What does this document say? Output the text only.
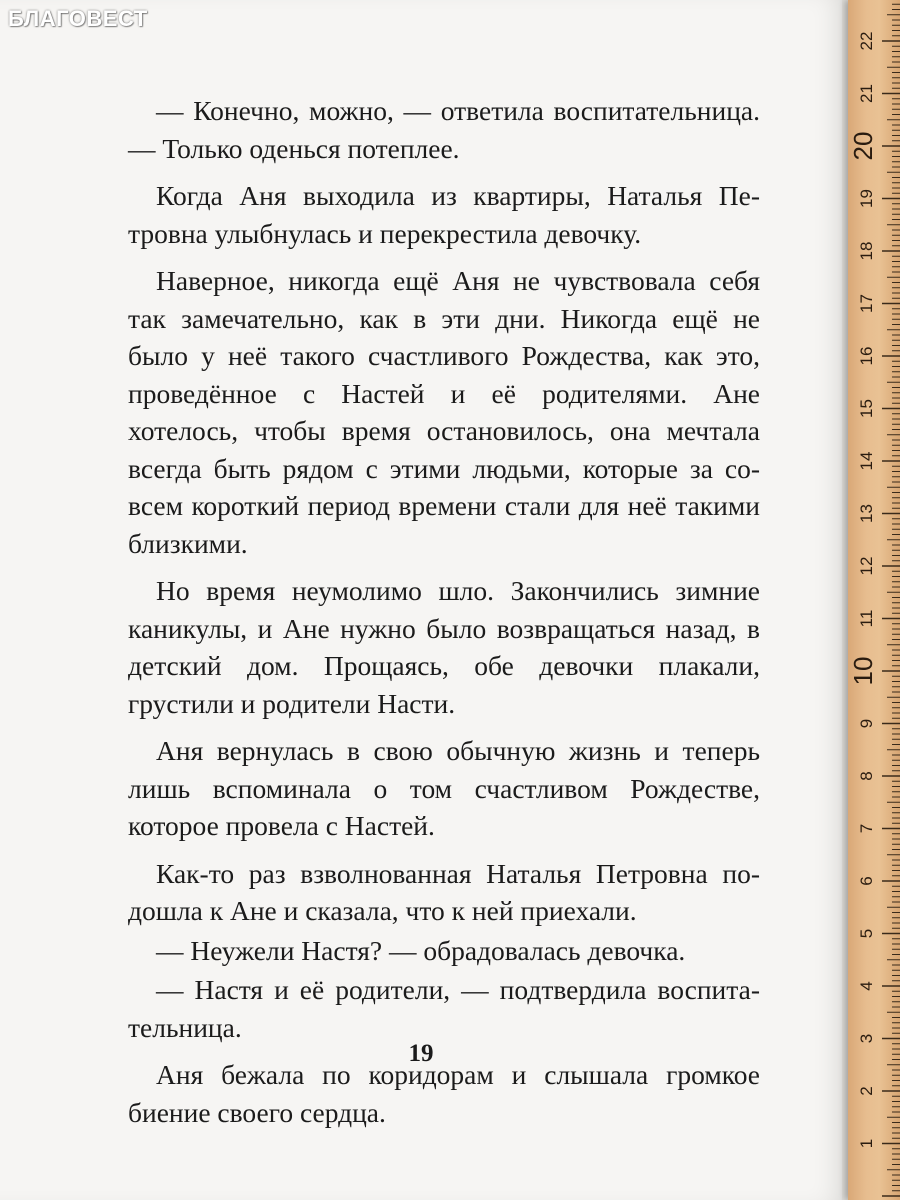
— Конечно, можно, — ответила воспитательница. — Только оденься потеплее.

Когда Аня выходила из квартиры, Наталья Петровна улыбнулась и перекрестила девочку.

Наверное, никогда ещё Аня не чувствовала себя так замечательно, как в эти дни. Никогда ещё не было у неё такого счастливого Рождества, как это, проведённое с Настей и её родителями. Ане хотелось, чтобы время остановилось, она мечтала всегда быть рядом с этими людьми, которые за совсем короткий период времени стали для неё такими близкими.

Но время неумолимо шло. Закончились зимние каникулы, и Ане нужно было возвращаться назад, в детский дом. Прощаясь, обе девочки плакали, грустили и родители Насти.

Аня вернулась в свою обычную жизнь и теперь лишь вспоминала о том счастливом Рождестве, которое провела с Настей.

Как-то раз взволнованная Наталья Петровна подошла к Ане и сказала, что к ней приехали.

— Неужели Настя? — обрадовалась девочка.

— Настя и её родители, — подтвердила воспитательница.

Аня бежала по коридорам и слышала громкое биение своего сердца.

19
БЛАГОВЕСТ
1
2
3
4
5
6
7
8
9
10
11
12
13
14
15
16
17
18
19
20
21
22
